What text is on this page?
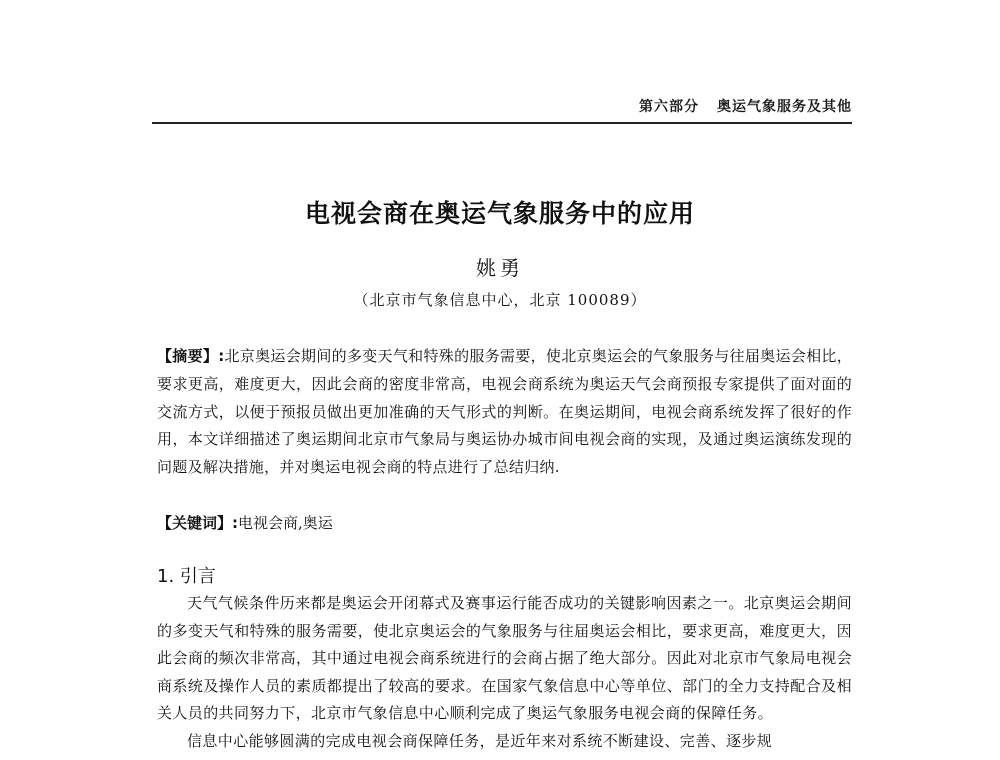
第六部分 奥运气象服务及其他
电视会商在奥运气象服务中的应用
姚勇
（北京市气象信息中心，北京 100089）
【摘要】:北京奥运会期间的多变天气和特殊的服务需要，使北京奥运会的气象服务与往届奥运会相比，要求更高，难度更大，因此会商的密度非常高，电视会商系统为奥运天气会商预报专家提供了面对面的交流方式，以便于预报员做出更加准确的天气形式的判断。在奥运期间，电视会商系统发挥了很好的作用，本文详细描述了奥运期间北京市气象局与奥运协办城市间电视会商的实现，及通过奥运演练发现的问题及解决措施，并对奥运电视会商的特点进行了总结归纳.
【关键词】:电视会商,奥运
1. 引言

天气气候条件历来都是奥运会开闭幕式及赛事运行能否成功的关键影响因素之一。北京奥运会期间的多变天气和特殊的服务需要，使北京奥运会的气象服务与往届奥运会相比，要求更高，难度更大，因此会商的频次非常高，其中通过电视会商系统进行的会商占据了绝大部分。因此对北京市气象局电视会商系统及操作人员的素质都提出了较高的要求。在国家气象信息中心等单位、部门的全力支持配合及相关人员的共同努力下，北京市气象信息中心顺利完成了奥运气象服务电视会商的保障任务。

信息中心能够圆满的完成电视会商保障任务，是近年来对系统不断建设、完善、逐步规
